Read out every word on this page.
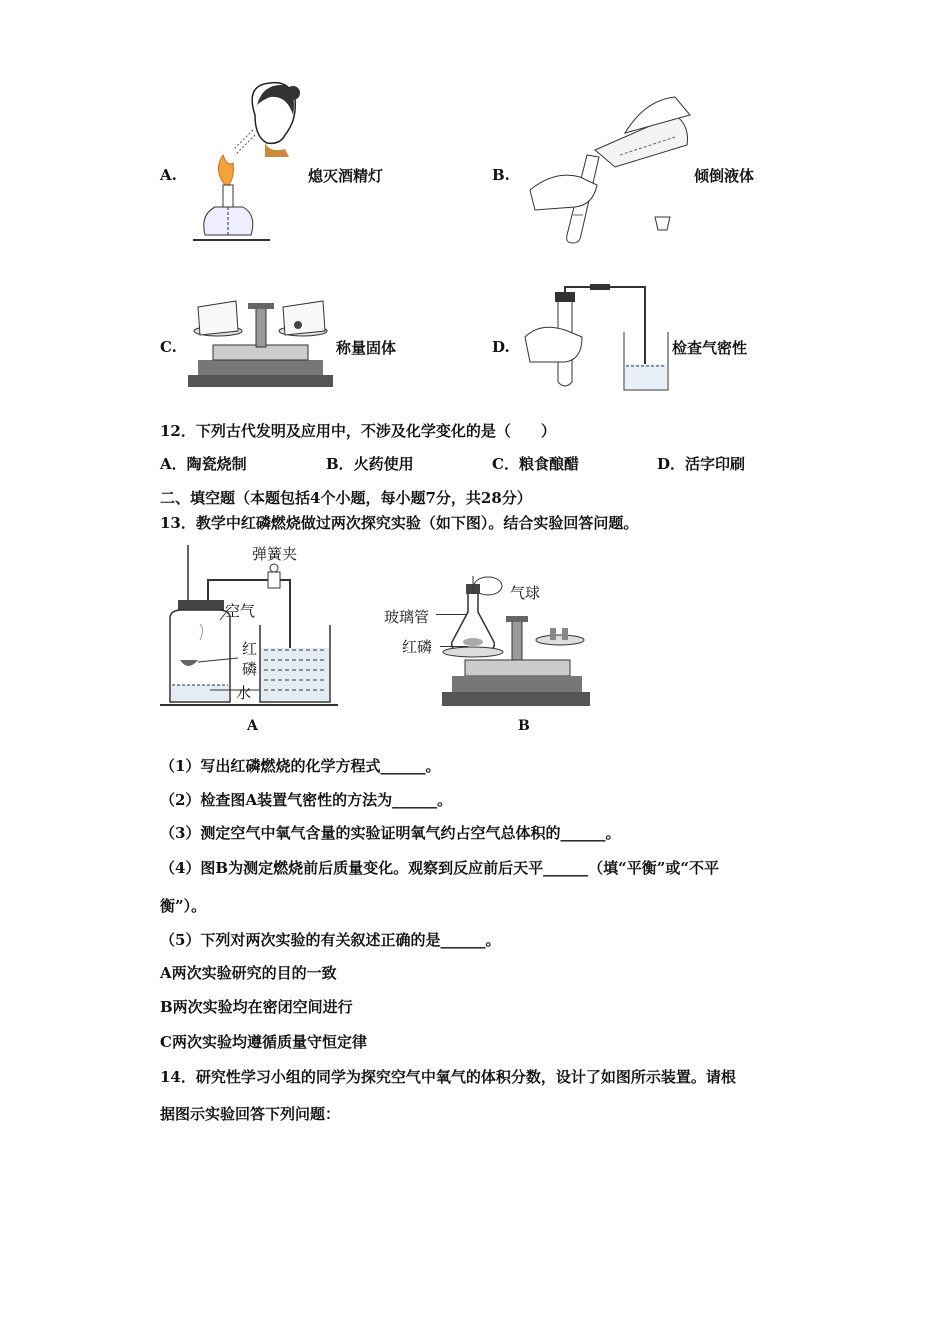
A.	熄灭酒精灯	B.	倾倒液体
C.	称量固体	D.	检查气密性
12．下列古代发明及应用中，不涉及化学变化的是（　　）
A．陶瓷烧制	B．火药使用	C．粮食酿醋	D．活字印刷
二、填空题（本题包括4个小题，每小题7分，共28分）
13．教学中红磷燃烧做过两次探究实验（如下图）。结合实验回答问题。
弹簧夹
空气
红
磷
水
A
气球
玻璃管
红磷
B
（1）写出红磷燃烧的化学方程式______。
（2）检查图A装置气密性的方法为______。
（3）测定空气中氧气含量的实验证明氧气约占空气总体积的______。
（4）图B为测定燃烧前后质量变化。观察到反应前后天平______（填“平衡”或“不平
衡”）。
（5）下列对两次实验的有关叙述正确的是______。
A两次实验研究的目的一致
B两次实验均在密闭空间进行
C两次实验均遵循质量守恒定律
14．研究性学习小组的同学为探究空气中氧气的体积分数，设计了如图所示装置。请根
据图示实验回答下列问题：
